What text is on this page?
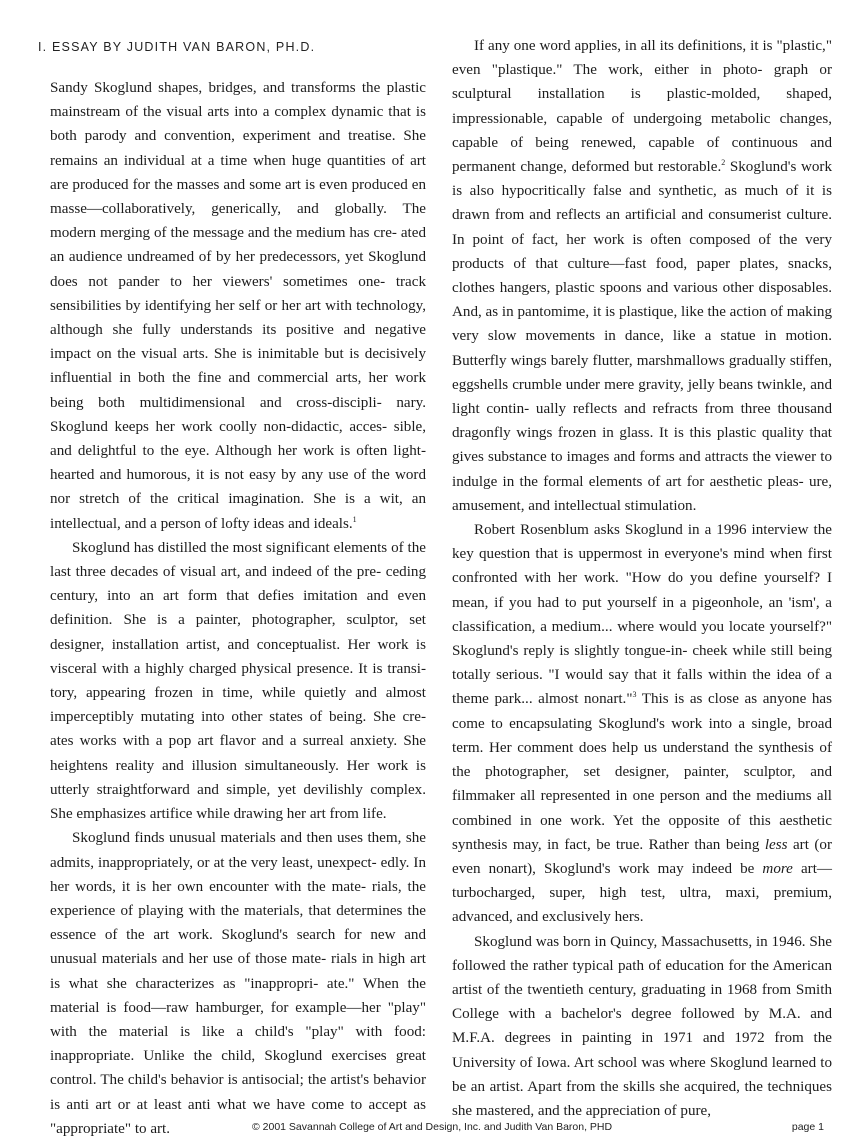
I. ESSAY BY JUDITH VAN BARON, PH.D.

Sandy Skoglund shapes, bridges, and transforms the plastic mainstream of the visual arts into a complex dynamic that is both parody and convention, experiment and treatise. She remains an individual at a time when huge quantities of art are produced for the masses and some art is even produced en masse—collaboratively, generically, and globally. The modern merging of the message and the medium has cre- ated an audience undreamed of by her predecessors, yet Skoglund does not pander to her viewers' sometimes one- track sensibilities by identifying her self or her art with technology, although she fully understands its positive and negative impact on the visual arts. She is inimitable but is decisively influential in both the fine and commercial arts, her work being both multidimensional and cross-discipli- nary. Skoglund keeps her work coolly non-didactic, acces- sible, and delightful to the eye. Although her work is often light-hearted and humorous, it is not easy by any use of the word nor stretch of the critical imagination. She is a wit, an intellectual, and a person of lofty ideas and ideals.$^1$

Skoglund has distilled the most significant elements of the last three decades of visual art, and indeed of the pre- ceding century, into an art form that defies imitation and even definition. She is a painter, photographer, sculptor, set designer, installation artist, and conceptualist. Her work is visceral with a highly charged physical presence. It is transi- tory, appearing frozen in time, while quietly and almost imperceptibly mutating into other states of being. She cre- ates works with a pop art flavor and a surreal anxiety. She heightens reality and illusion simultaneously. Her work is utterly straightforward and simple, yet devilishly complex. She emphasizes artifice while drawing her art from life.

Skoglund finds unusual materials and then uses them, she admits, inappropriately, or at the very least, unexpect- edly. In her words, it is her own encounter with the mate- rials, the experience of playing with the materials, that determines the essence of the art work. Skoglund's search for new and unusual materials and her use of those mate- rials in high art is what she characterizes as "inappropri- ate." When the material is food—raw hamburger, for example—her "play" with the material is like a child's "play" with food: inappropriate. Unlike the child, Skoglund exercises great control. The child's behavior is antisocial; the artist's behavior is anti art or at least anti what we have come to accept as "appropriate" to art.

If any one word applies, in all its definitions, it is "plastic," even "plastique." The work, either in photo- graph or sculptural installation is plastic-molded, shaped, impressionable, capable of undergoing metabolic changes, capable of being renewed, capable of continuous and permanent change, deformed but restorable.$^2$ Skoglund's work is also hypocritically false and synthetic, as much of it is drawn from and reflects an artificial and consumerist culture. In point of fact, her work is often composed of the very products of that culture—fast food, paper plates, snacks, clothes hangers, plastic spoons and various other disposables. And, as in pantomime, it is plastique, like the action of making very slow movements in dance, like a statue in motion. Butterfly wings barely flutter, marshmallows gradually stiffen, eggshells crumble under mere gravity, jelly beans twinkle, and light contin- ually reflects and refracts from three thousand dragonfly wings frozen in glass. It is this plastic quality that gives substance to images and forms and attracts the viewer to indulge in the formal elements of art for aesthetic pleas- ure, amusement, and intellectual stimulation.

Robert Rosenblum asks Skoglund in a 1996 interview the key question that is uppermost in everyone's mind when first confronted with her work. "How do you define yourself? I mean, if you had to put yourself in a pigeonhole, an 'ism', a classification, a medium... where would you locate yourself?" Skoglund's reply is slightly tongue-in- cheek while still being totally serious. "I would say that it falls within the idea of a theme park... almost nonart."$^3$ This is as close as anyone has come to encapsulating Skoglund's work into a single, broad term. Her comment does help us understand the synthesis of the photographer, set designer, painter, sculptor, and filmmaker all represented in one person and the mediums all combined in one work. Yet the opposite of this aesthetic synthesis may, in fact, be true. Rather than being less art (or even nonart), Skoglund's work may indeed be more art—turbocharged, super, high test, ultra, maxi, premium, advanced, and exclusively hers.

Skoglund was born in Quincy, Massachusetts, in 1946. She followed the rather typical path of education for the American artist of the twentieth century, graduating in 1968 from Smith College with a bachelor's degree followed by M.A. and M.F.A. degrees in painting in 1971 and 1972 from the University of Iowa. Art school was where Skoglund learned to be an artist. Apart from the skills she acquired, the techniques she mastered, and the appreciation of pure,

© 2001 Savannah College of Art and Design, Inc. and Judith Van Baron, PHD	page 1
